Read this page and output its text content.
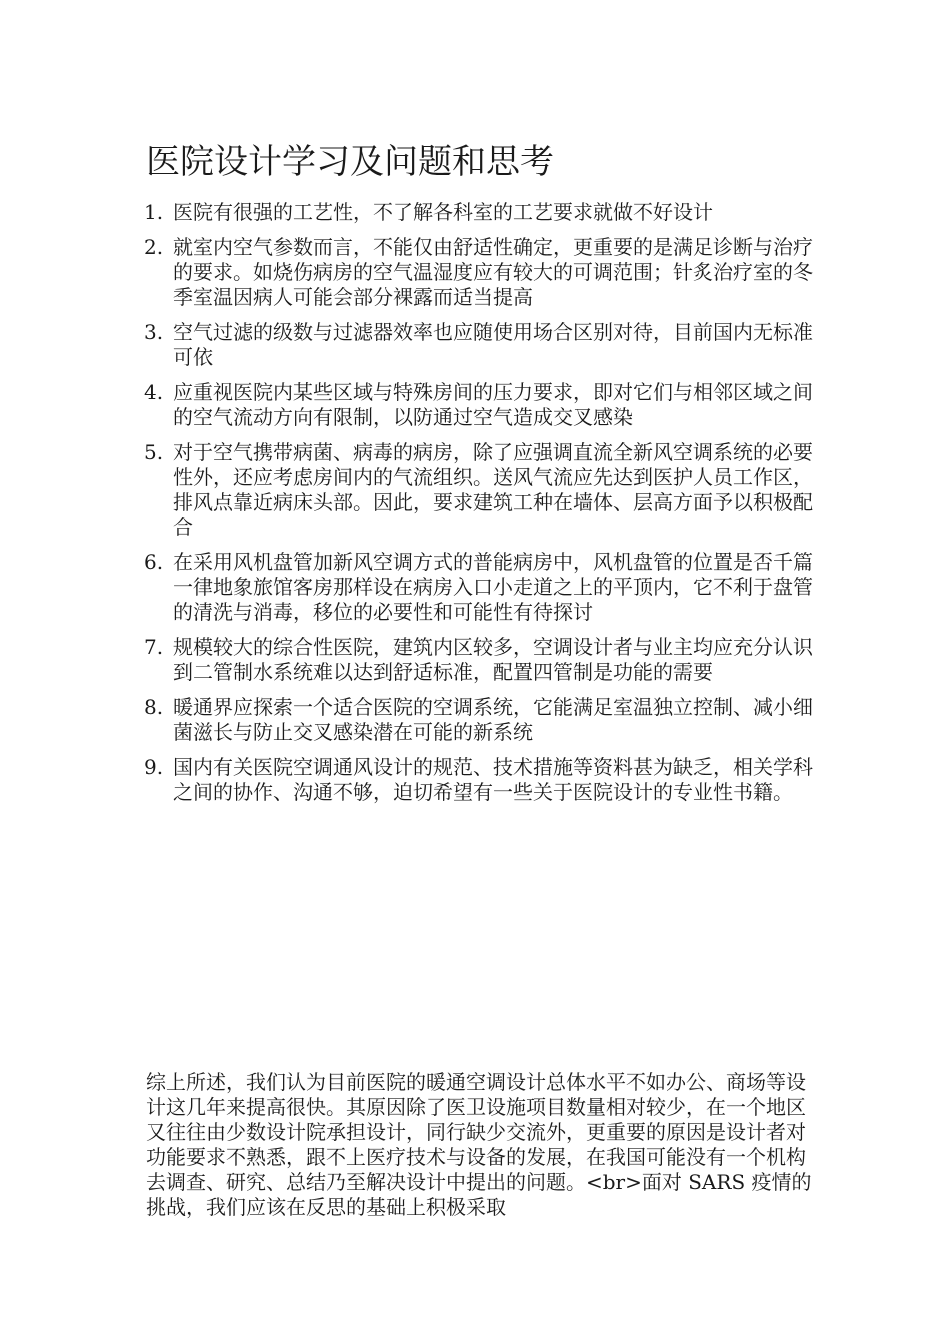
医院设计学习及问题和思考
1. 医院有很强的工艺性，不了解各科室的工艺要求就做不好设计
2. 就室内空气参数而言，不能仅由舒适性确定，更重要的是满足诊断与治疗的要求。如烧伤病房的空气温湿度应有较大的可调范围；针炙治疗室的冬季室温因病人可能会部分裸露而适当提高
3. 空气过滤的级数与过滤器效率也应随使用场合区别对待，目前国内无标准可依
4. 应重视医院内某些区域与特殊房间的压力要求，即对它们与相邻区域之间的空气流动方向有限制，以防通过空气造成交叉感染
5. 对于空气携带病菌、病毒的病房，除了应强调直流全新风空调系统的必要性外，还应考虑房间内的气流组织。送风气流应先达到医护人员工作区，排风点靠近病床头部。因此，要求建筑工种在墙体、层高方面予以积极配合
6. 在采用风机盘管加新风空调方式的普能病房中，风机盘管的位置是否千篇一律地象旅馆客房那样设在病房入口小走道之上的平顶内，它不利于盘管的清洗与消毒，移位的必要性和可能性有待探讨
7. 规模较大的综合性医院，建筑内区较多，空调设计者与业主均应充分认识到二管制水系统难以达到舒适标准，配置四管制是功能的需要
8. 暖通界应探索一个适合医院的空调系统，它能满足室温独立控制、减小细菌滋长与防止交叉感染潜在可能的新系统
9. 国内有关医院空调通风设计的规范、技术措施等资料甚为缺乏，相关学科之间的协作、沟通不够，迫切希望有一些关于医院设计的专业性书籍。

综上所述，我们认为目前医院的暖通空调设计总体水平不如办公、商场等设计这几年来提高很快。其原因除了医卫设施项目数量相对较少，在一个地区又往往由少数设计院承担设计，同行缺少交流外，更重要的原因是设计者对功能要求不熟悉，跟不上医疗技术与设备的发展，在我国可能没有一个机构去调查、研究、总结乃至解决设计中提出的问题。<br>面对 SARS 疫情的挑战，我们应该在反思的基础上积极采取
